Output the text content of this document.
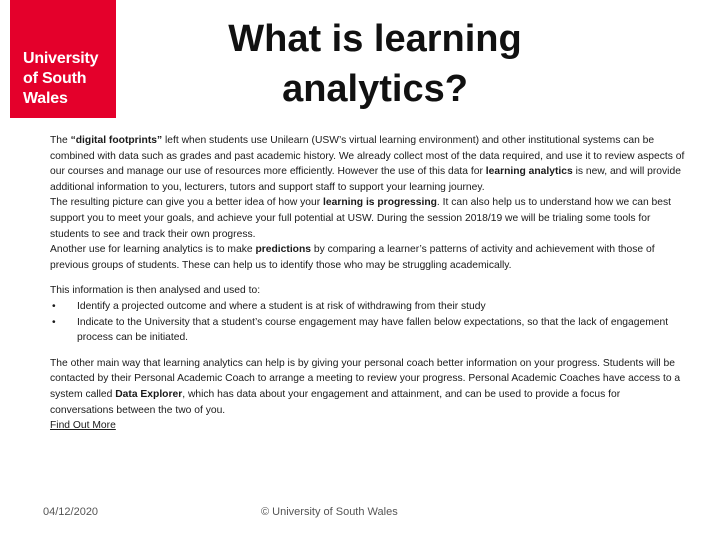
University
of South
Wales
What is learning
analytics?

The “digital footprints” left when students use Unilearn (USW’s virtual learning environment) and other institutional systems can be combined with data such as grades and past academic history. We already collect most of the data required, and use it to review aspects of our courses and manage our use of resources more efficiently. However the use of this data for learning analytics is new, and will provide additional information to you, lecturers, tutors and support staff to support your learning journey.

The resulting picture can give you a better idea of how your learning is progressing. It can also help us to understand how we can best support you to meet your goals, and achieve your full potential at USW. During the session 2018/19 we will be trialing some tools for students to see and track their own progress.

Another use for learning analytics is to make predictions by comparing a learner’s patterns of activity and achievement with those of previous groups of students. These can help us to identify those who may be struggling academically.

This information is then analysed and used to:

•	Identify a projected outcome and where a student is at risk of withdrawing from their study
•	Indicate to the University that a student’s course engagement may have fallen below expectations, so that the lack of engagement process can be initiated.

The other main way that learning analytics can help is by giving your personal coach better information on your progress. Students will be contacted by their Personal Academic Coach to arrange a meeting to review your progress. Personal Academic Coaches have access to a system called Data Explorer, which has data about your engagement and attainment, and can be used to provide a focus for conversations between the two of you.

Find Out More

04/12/2020	© University of South Wales
